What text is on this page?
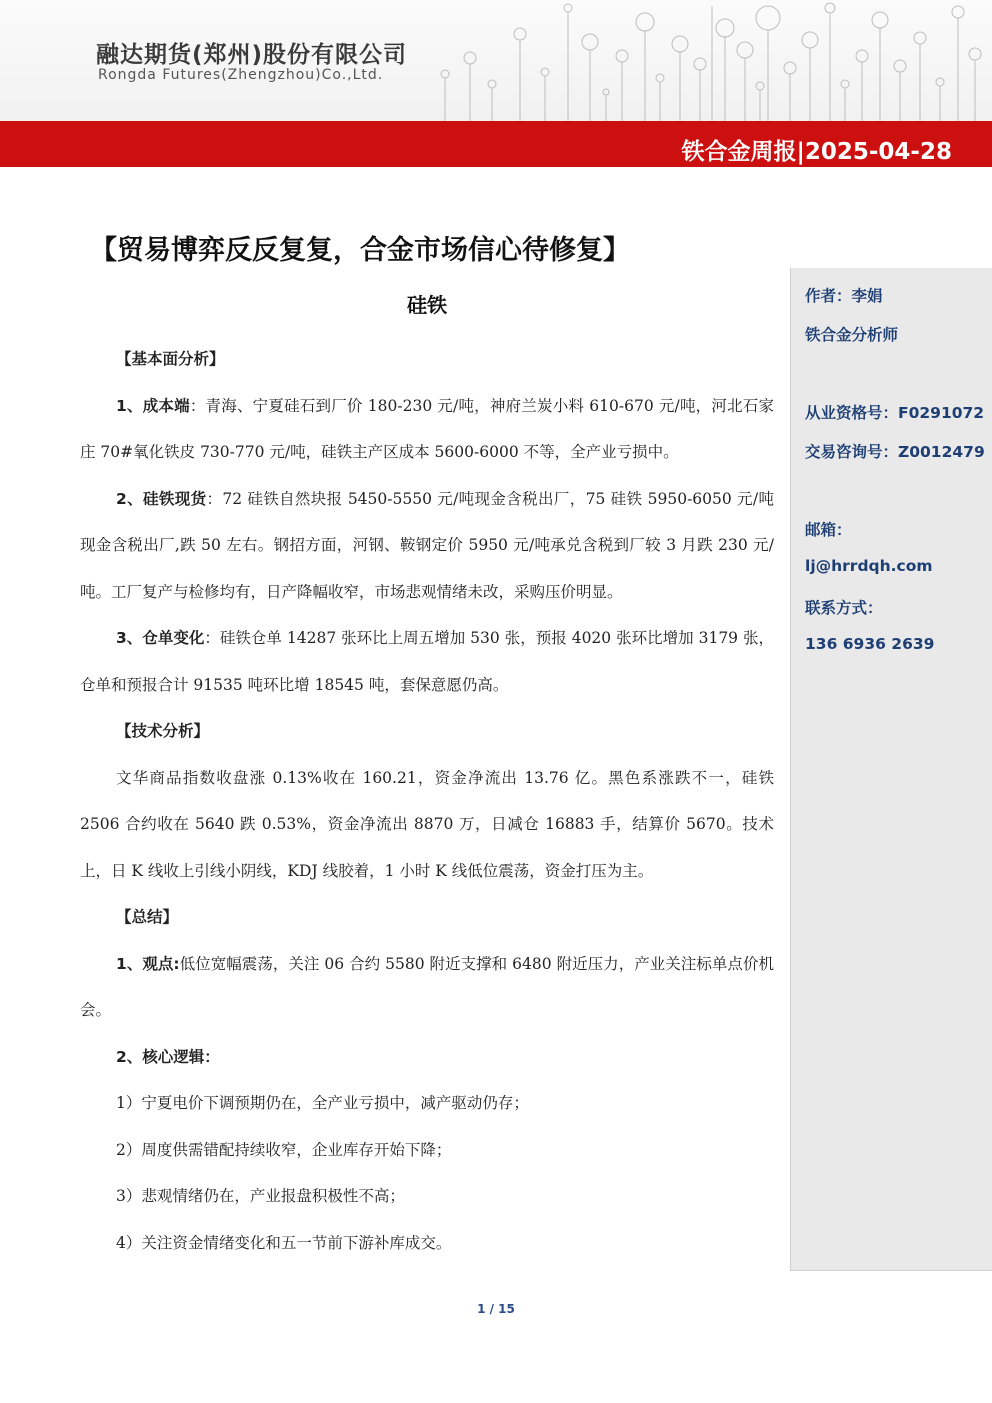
融达期货(郑州)股份有限公司
Rongda Futures(Zhengzhou)Co.,Ltd.
铁合金周报|2025-04-28
【贸易博弈反反复复，合金市场信心待修复】
硅铁

【基本面分析】

1、成本端：青海、宁夏硅石到厂价 180-230 元/吨，神府兰炭小料 610-670 元/吨，河北石家庄 70#氧化铁皮 730-770 元/吨，硅铁主产区成本 5600-6000 不等，全产业亏损中。

2、硅铁现货：72 硅铁自然块报 5450-5550 元/吨现金含税出厂，75 硅铁 5950-6050 元/吨现金含税出厂,跌 50 左右。钢招方面，河钢、鞍钢定价 5950 元/吨承兑含税到厂较 3 月跌 230 元/吨。工厂复产与检修均有，日产降幅收窄，市场悲观情绪未改，采购压价明显。

3、仓单变化：硅铁仓单 14287 张环比上周五增加 530 张，预报 4020 张环比增加 3179 张，仓单和预报合计 91535 吨环比增 18545 吨，套保意愿仍高。

【技术分析】

文华商品指数收盘涨 0.13%收在 160.21，资金净流出 13.76 亿。黑色系涨跌不一，硅铁 2506 合约收在 5640 跌 0.53%，资金净流出 8870 万，日减仓 16883 手，结算价 5670。技术上，日 K 线收上引线小阴线，KDJ 线胶着，1 小时 K 线低位震荡，资金打压为主。

【总结】

1、观点:低位宽幅震荡，关注 06 合约 5580 附近支撑和 6480 附近压力，产业关注标单点价机会。

2、核心逻辑：

1）宁夏电价下调预期仍在，全产业亏损中，减产驱动仍存；

2）周度供需错配持续收窄，企业库存开始下降；

3）悲观情绪仍在，产业报盘积极性不高；

4）关注资金情绪变化和五一节前下游补库成交。

作者：李娟
铁合金分析师
从业资格号：F0291072
交易咨询号：Z0012479
邮箱：
lj@hrrdqh.com
联系方式：
136 6936 2639
1 / 15
